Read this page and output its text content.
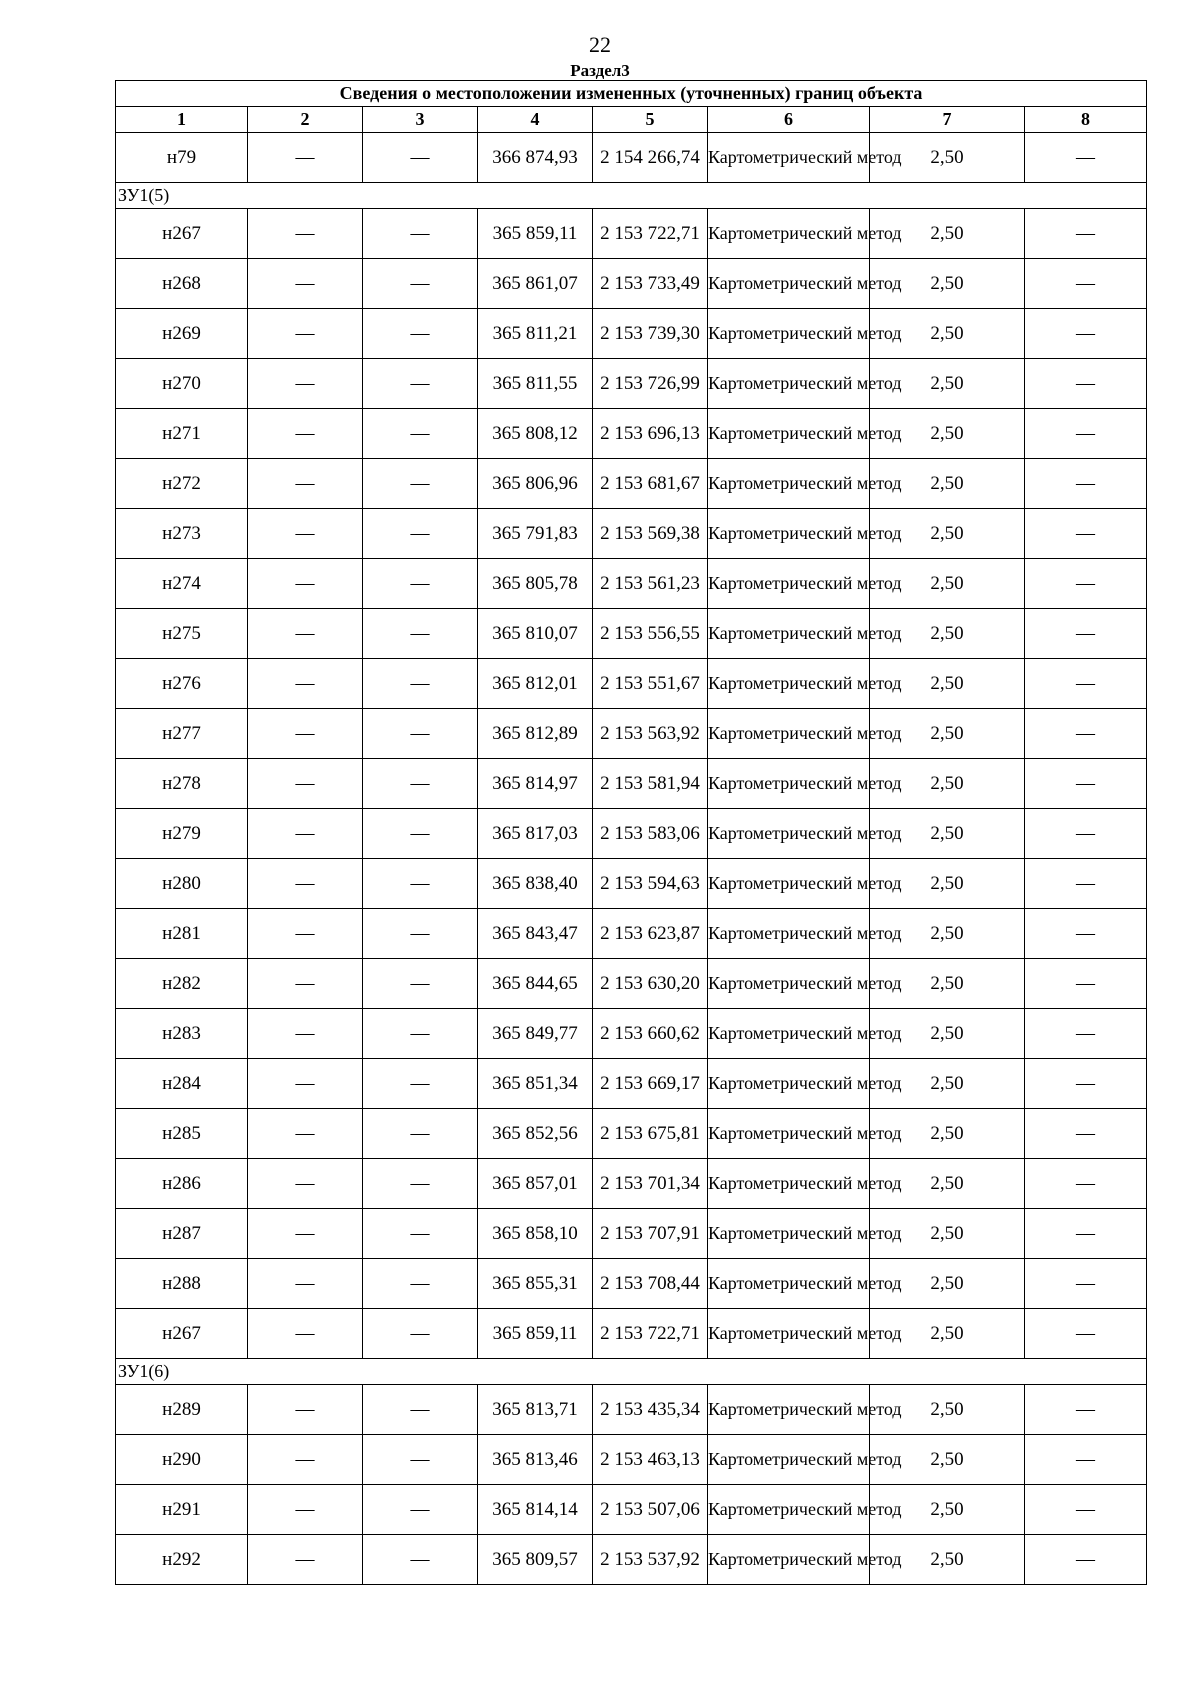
22
Раздел3
Сведения о местоположении измененных (уточненных) границ объекта							
1	2	3	4	5	6	7	8
н79	—	—	366 874,93	2 154 266,74	Картометрический метод	2,50	—
ЗУ1(5)							
н267	—	—	365 859,11	2 153 722,71	Картометрический метод	2,50	—
н268	—	—	365 861,07	2 153 733,49	Картометрический метод	2,50	—
н269	—	—	365 811,21	2 153 739,30	Картометрический метод	2,50	—
н270	—	—	365 811,55	2 153 726,99	Картометрический метод	2,50	—
н271	—	—	365 808,12	2 153 696,13	Картометрический метод	2,50	—
н272	—	—	365 806,96	2 153 681,67	Картометрический метод	2,50	—
н273	—	—	365 791,83	2 153 569,38	Картометрический метод	2,50	—
н274	—	—	365 805,78	2 153 561,23	Картометрический метод	2,50	—
н275	—	—	365 810,07	2 153 556,55	Картометрический метод	2,50	—
н276	—	—	365 812,01	2 153 551,67	Картометрический метод	2,50	—
н277	—	—	365 812,89	2 153 563,92	Картометрический метод	2,50	—
н278	—	—	365 814,97	2 153 581,94	Картометрический метод	2,50	—
н279	—	—	365 817,03	2 153 583,06	Картометрический метод	2,50	—
н280	—	—	365 838,40	2 153 594,63	Картометрический метод	2,50	—
н281	—	—	365 843,47	2 153 623,87	Картометрический метод	2,50	—
н282	—	—	365 844,65	2 153 630,20	Картометрический метод	2,50	—
н283	—	—	365 849,77	2 153 660,62	Картометрический метод	2,50	—
н284	—	—	365 851,34	2 153 669,17	Картометрический метод	2,50	—
н285	—	—	365 852,56	2 153 675,81	Картометрический метод	2,50	—
н286	—	—	365 857,01	2 153 701,34	Картометрический метод	2,50	—
н287	—	—	365 858,10	2 153 707,91	Картометрический метод	2,50	—
н288	—	—	365 855,31	2 153 708,44	Картометрический метод	2,50	—
н267	—	—	365 859,11	2 153 722,71	Картометрический метод	2,50	—
ЗУ1(6)							
н289	—	—	365 813,71	2 153 435,34	Картометрический метод	2,50	—
н290	—	—	365 813,46	2 153 463,13	Картометрический метод	2,50	—
н291	—	—	365 814,14	2 153 507,06	Картометрический метод	2,50	—
н292	—	—	365 809,57	2 153 537,92	Картометрический метод	2,50	—
